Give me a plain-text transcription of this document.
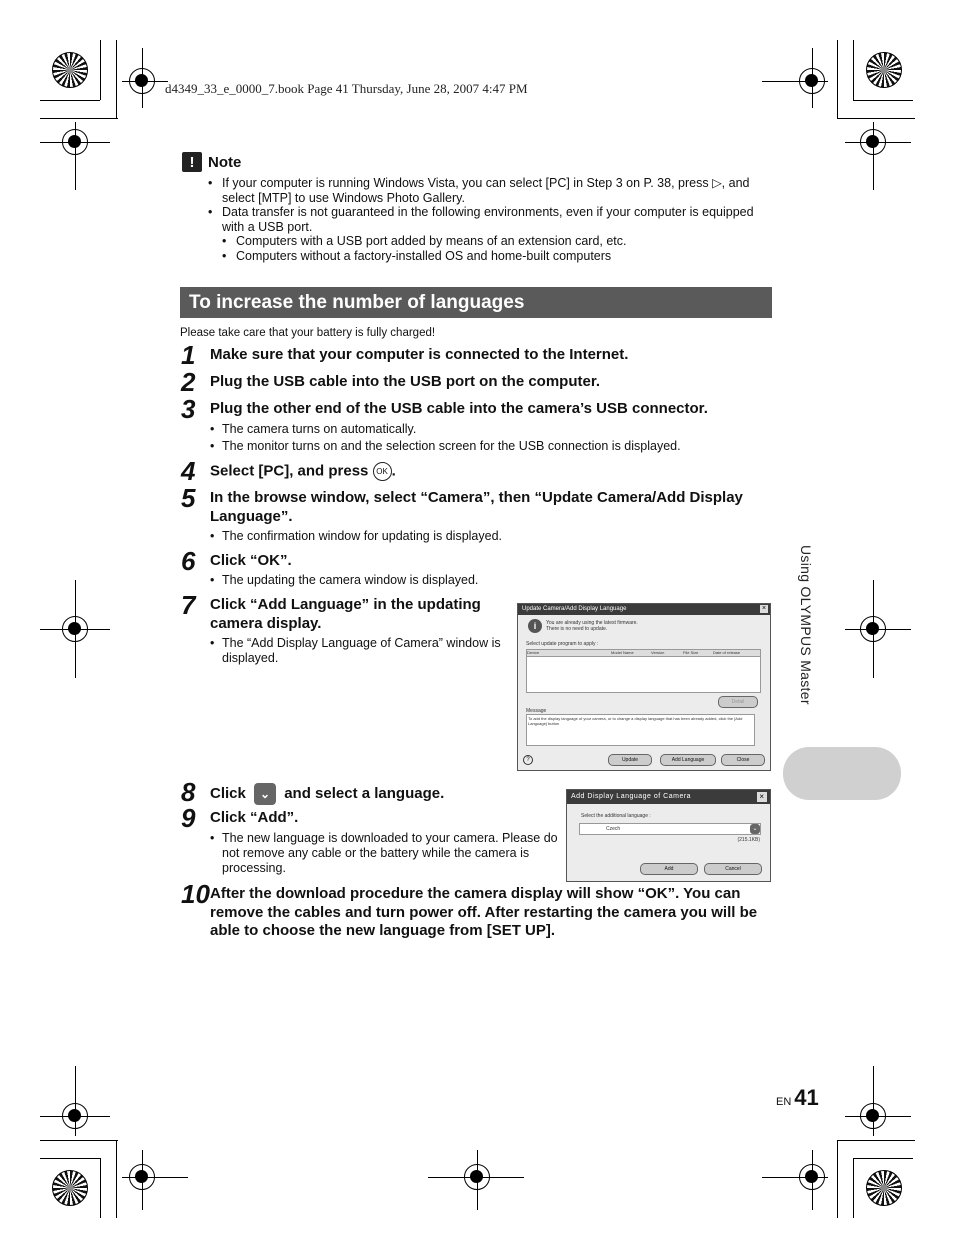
d4349_33_e_0000_7.book Page 41 Thursday, June 28, 2007 4:47 PM
! Note
• If your computer is running Windows Vista, you can select [PC] in Step 3 on P. 38, press ▷, and select [MTP] to use Windows Photo Gallery.
• Data transfer is not guaranteed in the following environments, even if your computer is equipped with a USB port.
• Computers with a USB port added by means of an extension card, etc.
• Computers without a factory-installed OS and home-built computers
To increase the number of languages
Please take care that your battery is fully charged!
1 Make sure that your computer is connected to the Internet.
2 Plug the USB cable into the USB port on the computer.
3 Plug the other end of the USB cable into the camera’s USB connector.
• The camera turns on automatically.
• The monitor turns on and the selection screen for the USB connection is displayed.
4 Select [PC], and press OK .
5 In the browse window, select “Camera”, then “Update Camera/Add Display Language”.
• The confirmation window for updating is displayed.
6 Click “OK”.
• The updating the camera window is displayed.
7 Click “Add Language” in the updating camera display.
• The “Add Display Language of Camera” window is displayed.
Update Camera/Add Display Language	×
i	You are already using the latest firmware.
There is no need to update.
Select update program to apply :
Device	Model Name	Version	File Size	Date of release
Detail
Message
To add the display language of your camera, or to change a display language that has been already added, click the [Add Language] button
?	Update	Add Language	Close
8 Click ⌄ and select a language.
9 Click “Add”.
• The new language is downloaded to your camera. Please do not remove any cable or the battery while the camera is processing.
Add Display Language of Camera	×
Select the additional language :
Czech	⌄
(215.1KB)
Add	Cancel
10 After the download procedure the camera display will show “OK”. You can remove the cables and turn power off. After restarting the camera you will be able to choose the new language from [SET UP].
Using OLYMPUS Master
EN 41
